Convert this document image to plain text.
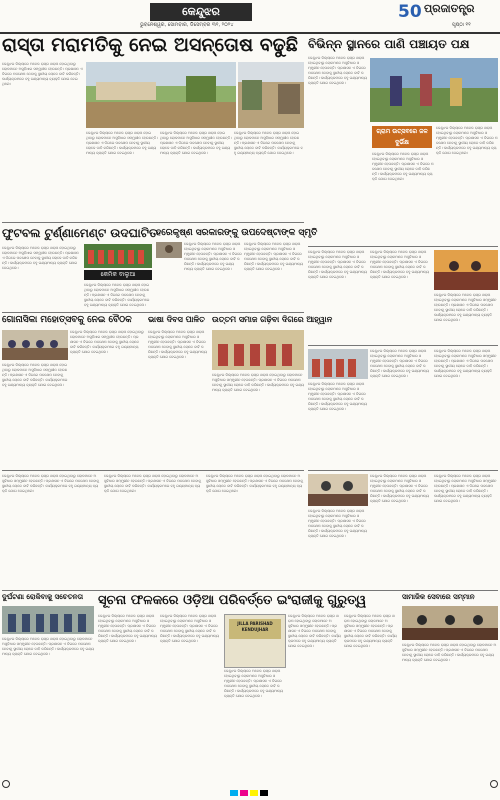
କେନ୍ଦୁଝର
ଭୁବନେଶ୍ୱର, ସୋମବାର, ଡିସେମ୍ବର ୩୧, ୨୦୨୪
50 ପ୍ରଜାତନ୍ତ୍ର
ପୃଷ୍ଠା ୧୧
ରାସ୍ତା ମରାମତିକୁ ନେଇ ଅସନ୍ତୋଷ ବଢୁଛି
କେନ୍ଦୁଝର ଜିଲ୍ଲାରେ ଅନେକ ରାସ୍ତା ଖରାପ ହୋଇଥିବାରୁ ଲୋକମାନେ ଅସୁବିଧାର ସମ୍ମୁଖୀନ ହେଉଛନ୍ତି। ପ୍ରଶାସନ ଏ ଦିଗରେ ପଦକ୍ଷେପ ନେବାକୁ ସ୍ଥାନୀୟ ଲୋକେ ଦାବି କରିଛନ୍ତି। କାର୍ଯ୍ୟକ୍ରମରେ ବହୁ ଗଣ୍ୟମାନ୍ୟ ବ୍ୟକ୍ତି ଯୋଗ ଦେଇଥିଲେ।
କେନ୍ଦୁଝର ଜିଲ୍ଲାରେ ଅନେକ ରାସ୍ତା ଖରାପ ହୋଇଥିବାରୁ ଲୋକମାନେ ଅସୁବିଧାର ସମ୍ମୁଖୀନ ହେଉଛନ୍ତି। ପ୍ରଶାସନ ଏ ଦିଗରେ ପଦକ୍ଷେପ ନେବାକୁ ସ୍ଥାନୀୟ ଲୋକେ ଦାବି କରିଛନ୍ତି। କାର୍ଯ୍ୟକ୍ରମରେ ବହୁ ଗଣ୍ୟମାନ୍ୟ ବ୍ୟକ୍ତି ଯୋଗ ଦେଇଥିଲେ।
କେନ୍ଦୁଝର ଜିଲ୍ଲାରେ ଅନେକ ରାସ୍ତା ଖରାପ ହୋଇଥିବାରୁ ଲୋକମାନେ ଅସୁବିଧାର ସମ୍ମୁଖୀନ ହେଉଛନ୍ତି। ପ୍ରଶାସନ ଏ ଦିଗରେ ପଦକ୍ଷେପ ନେବାକୁ ସ୍ଥାନୀୟ ଲୋକେ ଦାବି କରିଛନ୍ତି। କାର୍ଯ୍ୟକ୍ରମରେ ବହୁ ଗଣ୍ୟମାନ୍ୟ ବ୍ୟକ୍ତି ଯୋଗ ଦେଇଥିଲେ।
କେନ୍ଦୁଝର ଜିଲ୍ଲାରେ ଅନେକ ରାସ୍ତା ଖରାପ ହୋଇଥିବାରୁ ଲୋକମାନେ ଅସୁବିଧାର ସମ୍ମୁଖୀନ ହେଉଛନ୍ତି। ପ୍ରଶାସନ ଏ ଦିଗରେ ପଦକ୍ଷେପ ନେବାକୁ ସ୍ଥାନୀୟ ଲୋକେ ଦାବି କରିଛନ୍ତି। କାର୍ଯ୍ୟକ୍ରମରେ ବହୁ ଗଣ୍ୟମାନ୍ୟ ବ୍ୟକ୍ତି ଯୋଗ ଦେଇଥିଲେ।
ବିଭିନ୍ନ ସ୍ଥାନରେ ପାଣି ପଞ୍ଚାୟତ ପକ୍ଷ
କେନ୍ଦୁଝର ଜିଲ୍ଲାରେ ଅନେକ ରାସ୍ତା ଖରାପ ହୋଇଥିବାରୁ ଲୋକମାନେ ଅସୁବିଧାର ସମ୍ମୁଖୀନ ହେଉଛନ୍ତି। ପ୍ରଶାସନ ଏ ଦିଗରେ ପଦକ୍ଷେପ ନେବାକୁ ସ୍ଥାନୀୟ ଲୋକେ ଦାବି କରିଛନ୍ତି। କାର୍ଯ୍ୟକ୍ରମରେ ବହୁ ଗଣ୍ୟମାନ୍ୟ ବ୍ୟକ୍ତି ଯୋଗ ଦେଇଥିଲେ।
ଗ୍ରାମ ଉତ୍ସବରେ ଜଳ ଦୁର୍ଭିକ୍ଷ
କେନ୍ଦୁଝର ଜିଲ୍ଲାରେ ଅନେକ ରାସ୍ତା ଖରାପ ହୋଇଥିବାରୁ ଲୋକମାନେ ଅସୁବିଧାର ସମ୍ମୁଖୀନ ହେଉଛନ୍ତି। ପ୍ରଶାସନ ଏ ଦିଗରେ ପଦକ୍ଷେପ ନେବାକୁ ସ୍ଥାନୀୟ ଲୋକେ ଦାବି କରିଛନ୍ତି। କାର୍ଯ୍ୟକ୍ରମରେ ବହୁ ଗଣ୍ୟମାନ୍ୟ ବ୍ୟକ୍ତି ଯୋଗ ଦେଇଥିଲେ।
କେନ୍ଦୁଝର ଜିଲ୍ଲାରେ ଅନେକ ରାସ୍ତା ଖରାପ ହୋଇଥିବାରୁ ଲୋକମାନେ ଅସୁବିଧାର ସମ୍ମୁଖୀନ ହେଉଛନ୍ତି। ପ୍ରଶାସନ ଏ ଦିଗରେ ପଦକ୍ଷେପ ନେବାକୁ ସ୍ଥାନୀୟ ଲୋକେ ଦାବି କରିଛନ୍ତି। କାର୍ଯ୍ୟକ୍ରମରେ ବହୁ ଗଣ୍ୟମାନ୍ୟ ବ୍ୟକ୍ତି ଯୋଗ ଦେଇଥିଲେ।
ଫୁଟବଲ ଟୁର୍ଣ୍ଣାମେଣ୍ଟ ଉଦଘାଟିତ
କେନ୍ଦୁଝର ଜିଲ୍ଲାରେ ଅନେକ ରାସ୍ତା ଖରାପ ହୋଇଥିବାରୁ ଲୋକମାନେ ଅସୁବିଧାର ସମ୍ମୁଖୀନ ହେଉଛନ୍ତି। ପ୍ରଶାସନ ଏ ଦିଗରେ ପଦକ୍ଷେପ ନେବାକୁ ସ୍ଥାନୀୟ ଲୋକେ ଦାବି କରିଛନ୍ତି। କାର୍ଯ୍ୟକ୍ରମରେ ବହୁ ଗଣ୍ୟମାନ୍ୟ ବ୍ୟକ୍ତି ଯୋଗ ଦେଇଥିଲେ।
କେମିକ ବାଲୁଆ
କେନ୍ଦୁଝର ଜିଲ୍ଲାରେ ଅନେକ ରାସ୍ତା ଖରାପ ହୋଇଥିବାରୁ ଲୋକମାନେ ଅସୁବିଧାର ସମ୍ମୁଖୀନ ହେଉଛନ୍ତି। ପ୍ରଶାସନ ଏ ଦିଗରେ ପଦକ୍ଷେପ ନେବାକୁ ସ୍ଥାନୀୟ ଲୋକେ ଦାବି କରିଛନ୍ତି। କାର୍ଯ୍ୟକ୍ରମରେ ବହୁ ଗଣ୍ୟମାନ୍ୟ ବ୍ୟକ୍ତି ଯୋଗ ଦେଇଥିଲେ।
ହରେକୃଷ୍ଣ ସରକାରଙ୍କୁ ଉପଦେଷ୍ଟାଙ୍କ ସ୍ମୃତି
କେନ୍ଦୁଝର ଜିଲ୍ଲାରେ ଅନେକ ରାସ୍ତା ଖରାପ ହୋଇଥିବାରୁ ଲୋକମାନେ ଅସୁବିଧାର ସମ୍ମୁଖୀନ ହେଉଛନ୍ତି। ପ୍ରଶାସନ ଏ ଦିଗରେ ପଦକ୍ଷେପ ନେବାକୁ ସ୍ଥାନୀୟ ଲୋକେ ଦାବି କରିଛନ୍ତି। କାର୍ଯ୍ୟକ୍ରମରେ ବହୁ ଗଣ୍ୟମାନ୍ୟ ବ୍ୟକ୍ତି ଯୋଗ ଦେଇଥିଲେ।
କେନ୍ଦୁଝର ଜିଲ୍ଲାରେ ଅନେକ ରାସ୍ତା ଖରାପ ହୋଇଥିବାରୁ ଲୋକମାନେ ଅସୁବିଧାର ସମ୍ମୁଖୀନ ହେଉଛନ୍ତି। ପ୍ରଶାସନ ଏ ଦିଗରେ ପଦକ୍ଷେପ ନେବାକୁ ସ୍ଥାନୀୟ ଲୋକେ ଦାବି କରିଛନ୍ତି। କାର୍ଯ୍ୟକ୍ରମରେ ବହୁ ଗଣ୍ୟମାନ୍ୟ ବ୍ୟକ୍ତି ଯୋଗ ଦେଇଥିଲେ।
ଗୋନାସିକା ମହୋତ୍ସବକୁ ନେଇ ବୈଠକ
କେନ୍ଦୁଝର ଜିଲ୍ଲାରେ ଅନେକ ରାସ୍ତା ଖରାପ ହୋଇଥିବାରୁ ଲୋକମାନେ ଅସୁବିଧାର ସମ୍ମୁଖୀନ ହେଉଛନ୍ତି। ପ୍ରଶାସନ ଏ ଦିଗରେ ପଦକ୍ଷେପ ନେବାକୁ ସ୍ଥାନୀୟ ଲୋକେ ଦାବି କରିଛନ୍ତି। କାର୍ଯ୍ୟକ୍ରମରେ ବହୁ ଗଣ୍ୟମାନ୍ୟ ବ୍ୟକ୍ତି ଯୋଗ ଦେଇଥିଲେ।
କେନ୍ଦୁଝର ଜିଲ୍ଲାରେ ଅନେକ ରାସ୍ତା ଖରାପ ହୋଇଥିବାରୁ ଲୋକମାନେ ଅସୁବିଧାର ସମ୍ମୁଖୀନ ହେଉଛନ୍ତି। ପ୍ରଶାସନ ଏ ଦିଗରେ ପଦକ୍ଷେପ ନେବାକୁ ସ୍ଥାନୀୟ ଲୋକେ ଦାବି କରିଛନ୍ତି। କାର୍ଯ୍ୟକ୍ରମରେ ବହୁ ଗଣ୍ୟମାନ୍ୟ ବ୍ୟକ୍ତି ଯୋଗ ଦେଇଥିଲେ।
ଭାଷା ଦିବସ ପାଳିତ
କେନ୍ଦୁଝର ଜିଲ୍ଲାରେ ଅନେକ ରାସ୍ତା ଖରାପ ହୋଇଥିବାରୁ ଲୋକମାନେ ଅସୁବିଧାର ସମ୍ମୁଖୀନ ହେଉଛନ୍ତି। ପ୍ରଶାସନ ଏ ଦିଗରେ ପଦକ୍ଷେପ ନେବାକୁ ସ୍ଥାନୀୟ ଲୋକେ ଦାବି କରିଛନ୍ତି। କାର୍ଯ୍ୟକ୍ରମରେ ବହୁ ଗଣ୍ୟମାନ୍ୟ ବ୍ୟକ୍ତି ଯୋଗ ଦେଇଥିଲେ।
ଉତ୍ତମ ସମାଜ ଗଢ଼ିବା ଦିଗରେ ଆହ୍ୱାନ
କେନ୍ଦୁଝର ଜିଲ୍ଲାରେ ଅନେକ ରାସ୍ତା ଖରାପ ହୋଇଥିବାରୁ ଲୋକମାନେ ଅସୁବିଧାର ସମ୍ମୁଖୀନ ହେଉଛନ୍ତି। ପ୍ରଶାସନ ଏ ଦିଗରେ ପଦକ୍ଷେପ ନେବାକୁ ସ୍ଥାନୀୟ ଲୋକେ ଦାବି କରିଛନ୍ତି। କାର୍ଯ୍ୟକ୍ରମରେ ବହୁ ଗଣ୍ୟମାନ୍ୟ ବ୍ୟକ୍ତି ଯୋଗ ଦେଇଥିଲେ।
କେନ୍ଦୁଝର ଜିଲ୍ଲାରେ ଅନେକ ରାସ୍ତା ଖରାପ ହୋଇଥିବାରୁ ଲୋକମାନେ ଅସୁବିଧାର ସମ୍ମୁଖୀନ ହେଉଛନ୍ତି। ପ୍ରଶାସନ ଏ ଦିଗରେ ପଦକ୍ଷେପ ନେବାକୁ ସ୍ଥାନୀୟ ଲୋକେ ଦାବି କରିଛନ୍ତି। କାର୍ଯ୍ୟକ୍ରମରେ ବହୁ ଗଣ୍ୟମାନ୍ୟ ବ୍ୟକ୍ତି ଯୋଗ ଦେଇଥିଲେ।
କେନ୍ଦୁଝର ଜିଲ୍ଲାରେ ଅନେକ ରାସ୍ତା ଖରାପ ହୋଇଥିବାରୁ ଲୋକମାନେ ଅସୁବିଧାର ସମ୍ମୁଖୀନ ହେଉଛନ୍ତି। ପ୍ରଶାସନ ଏ ଦିଗରେ ପଦକ୍ଷେପ ନେବାକୁ ସ୍ଥାନୀୟ ଲୋକେ ଦାବି କରିଛନ୍ତି। କାର୍ଯ୍ୟକ୍ରମରେ ବହୁ ଗଣ୍ୟମାନ୍ୟ ବ୍ୟକ୍ତି ଯୋଗ ଦେଇଥିଲେ।
କେନ୍ଦୁଝର ଜିଲ୍ଲାରେ ଅନେକ ରାସ୍ତା ଖରାପ ହୋଇଥିବାରୁ ଲୋକମାନେ ଅସୁବିଧାର ସମ୍ମୁଖୀନ ହେଉଛନ୍ତି। ପ୍ରଶାସନ ଏ ଦିଗରେ ପଦକ୍ଷେପ ନେବାକୁ ସ୍ଥାନୀୟ ଲୋକେ ଦାବି କରିଛନ୍ତି। କାର୍ଯ୍ୟକ୍ରମରେ ବହୁ ଗଣ୍ୟମାନ୍ୟ ବ୍ୟକ୍ତି ଯୋଗ ଦେଇଥିଲେ।
କେନ୍ଦୁଝର ଜିଲ୍ଲାରେ ଅନେକ ରାସ୍ତା ଖରାପ ହୋଇଥିବାରୁ ଲୋକମାନେ ଅସୁବିଧାର ସମ୍ମୁଖୀନ ହେଉଛନ୍ତି। ପ୍ରଶାସନ ଏ ଦିଗରେ ପଦକ୍ଷେପ ନେବାକୁ ସ୍ଥାନୀୟ ଲୋକେ ଦାବି କରିଛନ୍ତି। କାର୍ଯ୍ୟକ୍ରମରେ ବହୁ ଗଣ୍ୟମାନ୍ୟ ବ୍ୟକ୍ତି ଯୋଗ ଦେଇଥିଲେ।
କେନ୍ଦୁଝର ଜିଲ୍ଲାରେ ଅନେକ ରାସ୍ତା ଖରାପ ହୋଇଥିବାରୁ ଲୋକମାନେ ଅସୁବିଧାର ସମ୍ମୁଖୀନ ହେଉଛନ୍ତି। ପ୍ରଶାସନ ଏ ଦିଗରେ ପଦକ୍ଷେପ ନେବାକୁ ସ୍ଥାନୀୟ ଲୋକେ ଦାବି କରିଛନ୍ତି। କାର୍ଯ୍ୟକ୍ରମରେ ବହୁ ଗଣ୍ୟମାନ୍ୟ ବ୍ୟକ୍ତି ଯୋଗ ଦେଇଥିଲେ।
କେନ୍ଦୁଝର ଜିଲ୍ଲାରେ ଅନେକ ରାସ୍ତା ଖରାପ ହୋଇଥିବାରୁ ଲୋକମାନେ ଅସୁବିଧାର ସମ୍ମୁଖୀନ ହେଉଛନ୍ତି। ପ୍ରଶାସନ ଏ ଦିଗରେ ପଦକ୍ଷେପ ନେବାକୁ ସ୍ଥାନୀୟ ଲୋକେ ଦାବି କରିଛନ୍ତି। କାର୍ଯ୍ୟକ୍ରମରେ ବହୁ ଗଣ୍ୟମାନ୍ୟ ବ୍ୟକ୍ତି ଯୋଗ ଦେଇଥିଲେ।
କେନ୍ଦୁଝର ଜିଲ୍ଲାରେ ଅନେକ ରାସ୍ତା ଖରାପ ହୋଇଥିବାରୁ ଲୋକମାନେ ଅସୁବିଧାର ସମ୍ମୁଖୀନ ହେଉଛନ୍ତି। ପ୍ରଶାସନ ଏ ଦିଗରେ ପଦକ୍ଷେପ ନେବାକୁ ସ୍ଥାନୀୟ ଲୋକେ ଦାବି କରିଛନ୍ତି। କାର୍ଯ୍ୟକ୍ରମରେ ବହୁ ଗଣ୍ୟମାନ୍ୟ ବ୍ୟକ୍ତି ଯୋଗ ଦେଇଥିଲେ।
କେନ୍ଦୁଝର ଜିଲ୍ଲାରେ ଅନେକ ରାସ୍ତା ଖରାପ ହୋଇଥିବାରୁ ଲୋକମାନେ ଅସୁବିଧାର ସମ୍ମୁଖୀନ ହେଉଛନ୍ତି। ପ୍ରଶାସନ ଏ ଦିଗରେ ପଦକ୍ଷେପ ନେବାକୁ ସ୍ଥାନୀୟ ଲୋକେ ଦାବି କରିଛନ୍ତି। କାର୍ଯ୍ୟକ୍ରମରେ ବହୁ ଗଣ୍ୟମାନ୍ୟ ବ୍ୟକ୍ତି ଯୋଗ ଦେଇଥିଲେ।
କେନ୍ଦୁଝର ଜିଲ୍ଲାରେ ଅନେକ ରାସ୍ତା ଖରାପ ହୋଇଥିବାରୁ ଲୋକମାନେ ଅସୁବିଧାର ସମ୍ମୁଖୀନ ହେଉଛନ୍ତି। ପ୍ରଶାସନ ଏ ଦିଗରେ ପଦକ୍ଷେପ ନେବାକୁ ସ୍ଥାନୀୟ ଲୋକେ ଦାବି କରିଛନ୍ତି। କାର୍ଯ୍ୟକ୍ରମରେ ବହୁ ଗଣ୍ୟମାନ୍ୟ ବ୍ୟକ୍ତି ଯୋଗ ଦେଇଥିଲେ।
କେନ୍ଦୁଝର ଜିଲ୍ଲାରେ ଅନେକ ରାସ୍ତା ଖରାପ ହୋଇଥିବାରୁ ଲୋକମାନେ ଅସୁବିଧାର ସମ୍ମୁଖୀନ ହେଉଛନ୍ତି। ପ୍ରଶାସନ ଏ ଦିଗରେ ପଦକ୍ଷେପ ନେବାକୁ ସ୍ଥାନୀୟ ଲୋକେ ଦାବି କରିଛନ୍ତି। କାର୍ଯ୍ୟକ୍ରମରେ ବହୁ ଗଣ୍ୟମାନ୍ୟ ବ୍ୟକ୍ତି ଯୋଗ ଦେଇଥିଲେ।
କେନ୍ଦୁଝର ଜିଲ୍ଲାରେ ଅନେକ ରାସ୍ତା ଖରାପ ହୋଇଥିବାରୁ ଲୋକମାନେ ଅସୁବିଧାର ସମ୍ମୁଖୀନ ହେଉଛନ୍ତି। ପ୍ରଶାସନ ଏ ଦିଗରେ ପଦକ୍ଷେପ ନେବାକୁ ସ୍ଥାନୀୟ ଲୋକେ ଦାବି କରିଛନ୍ତି। କାର୍ଯ୍ୟକ୍ରମରେ ବହୁ ଗଣ୍ୟମାନ୍ୟ ବ୍ୟକ୍ତି ଯୋଗ ଦେଇଥିଲେ।
କେନ୍ଦୁଝର ଜିଲ୍ଲାରେ ଅନେକ ରାସ୍ତା ଖରାପ ହୋଇଥିବାରୁ ଲୋକମାନେ ଅସୁବିଧାର ସମ୍ମୁଖୀନ ହେଉଛନ୍ତି। ପ୍ରଶାସନ ଏ ଦିଗରେ ପଦକ୍ଷେପ ନେବାକୁ ସ୍ଥାନୀୟ ଲୋକେ ଦାବି କରିଛନ୍ତି। କାର୍ଯ୍ୟକ୍ରମରେ ବହୁ ଗଣ୍ୟମାନ୍ୟ ବ୍ୟକ୍ତି ଯୋଗ ଦେଇଥିଲେ।
ଦୁର୍ଘଟଣା ରୋକିବାକୁ ସଚେତନତା
କେନ୍ଦୁଝର ଜିଲ୍ଲାରେ ଅନେକ ରାସ୍ତା ଖରାପ ହୋଇଥିବାରୁ ଲୋକମାନେ ଅସୁବିଧାର ସମ୍ମୁଖୀନ ହେଉଛନ୍ତି। ପ୍ରଶାସନ ଏ ଦିଗରେ ପଦକ୍ଷେପ ନେବାକୁ ସ୍ଥାନୀୟ ଲୋକେ ଦାବି କରିଛନ୍ତି। କାର୍ଯ୍ୟକ୍ରମରେ ବହୁ ଗଣ୍ୟମାନ୍ୟ ବ୍ୟକ୍ତି ଯୋଗ ଦେଇଥିଲେ।
ସୂଚନା ଫଳକରେ ଓଡ଼ିଆ ପରିବର୍ତ୍ତେ ଇଂରାଜୀକୁ ଗୁରୁତ୍ୱ
କେନ୍ଦୁଝର ଜିଲ୍ଲାରେ ଅନେକ ରାସ୍ତା ଖରାପ ହୋଇଥିବାରୁ ଲୋକମାନେ ଅସୁବିଧାର ସମ୍ମୁଖୀନ ହେଉଛନ୍ତି। ପ୍ରଶାସନ ଏ ଦିଗରେ ପଦକ୍ଷେପ ନେବାକୁ ସ୍ଥାନୀୟ ଲୋକେ ଦାବି କରିଛନ୍ତି। କାର୍ଯ୍ୟକ୍ରମରେ ବହୁ ଗଣ୍ୟମାନ୍ୟ ବ୍ୟକ୍ତି ଯୋଗ ଦେଇଥିଲେ।
କେନ୍ଦୁଝର ଜିଲ୍ଲାରେ ଅନେକ ରାସ୍ତା ଖରାପ ହୋଇଥିବାରୁ ଲୋକମାନେ ଅସୁବିଧାର ସମ୍ମୁଖୀନ ହେଉଛନ୍ତି। ପ୍ରଶାସନ ଏ ଦିଗରେ ପଦକ୍ଷେପ ନେବାକୁ ସ୍ଥାନୀୟ ଲୋକେ ଦାବି କରିଛନ୍ତି। କାର୍ଯ୍ୟକ୍ରମରେ ବହୁ ଗଣ୍ୟମାନ୍ୟ ବ୍ୟକ୍ତି ଯୋଗ ଦେଇଥିଲେ।
JILLA PARISHAD KENDUJHAR
କେନ୍ଦୁଝର ଜିଲ୍ଲାରେ ଅନେକ ରାସ୍ତା ଖରାପ ହୋଇଥିବାରୁ ଲୋକମାନେ ଅସୁବିଧାର ସମ୍ମୁଖୀନ ହେଉଛନ୍ତି। ପ୍ରଶାସନ ଏ ଦିଗରେ ପଦକ୍ଷେପ ନେବାକୁ ସ୍ଥାନୀୟ ଲୋକେ ଦାବି କରିଛନ୍ତି। କାର୍ଯ୍ୟକ୍ରମରେ ବହୁ ଗଣ୍ୟମାନ୍ୟ ବ୍ୟକ୍ତି ଯୋଗ ଦେଇଥିଲେ।
କେନ୍ଦୁଝର ଜିଲ୍ଲାରେ ଅନେକ ରାସ୍ତା ଖରାପ ହୋଇଥିବାରୁ ଲୋକମାନେ ଅସୁବିଧାର ସମ୍ମୁଖୀନ ହେଉଛନ୍ତି। ପ୍ରଶାସନ ଏ ଦିଗରେ ପଦକ୍ଷେପ ନେବାକୁ ସ୍ଥାନୀୟ ଲୋକେ ଦାବି କରିଛନ୍ତି। କାର୍ଯ୍ୟକ୍ରମରେ ବହୁ ଗଣ୍ୟମାନ୍ୟ ବ୍ୟକ୍ତି ଯୋଗ ଦେଇଥିଲେ।
କେନ୍ଦୁଝର ଜିଲ୍ଲାରେ ଅନେକ ରାସ୍ତା ଖରାପ ହୋଇଥିବାରୁ ଲୋକମାନେ ଅସୁବିଧାର ସମ୍ମୁଖୀନ ହେଉଛନ୍ତି। ପ୍ରଶାସନ ଏ ଦିଗରେ ପଦକ୍ଷେପ ନେବାକୁ ସ୍ଥାନୀୟ ଲୋକେ ଦାବି କରିଛନ୍ତି। କାର୍ଯ୍ୟକ୍ରମରେ ବହୁ ଗଣ୍ୟମାନ୍ୟ ବ୍ୟକ୍ତି ଯୋଗ ଦେଇଥିଲେ।
ସାମାଜିକ ସେବାରେ ସମ୍ମାନ
କେନ୍ଦୁଝର ଜିଲ୍ଲାରେ ଅନେକ ରାସ୍ତା ଖରାପ ହୋଇଥିବାରୁ ଲୋକମାନେ ଅସୁବିଧାର ସମ୍ମୁଖୀନ ହେଉଛନ୍ତି। ପ୍ରଶାସନ ଏ ଦିଗରେ ପଦକ୍ଷେପ ନେବାକୁ ସ୍ଥାନୀୟ ଲୋକେ ଦାବି କରିଛନ୍ତି। କାର୍ଯ୍ୟକ୍ରମରେ ବହୁ ଗଣ୍ୟମାନ୍ୟ ବ୍ୟକ୍ତି ଯୋଗ ଦେଇଥିଲେ।
